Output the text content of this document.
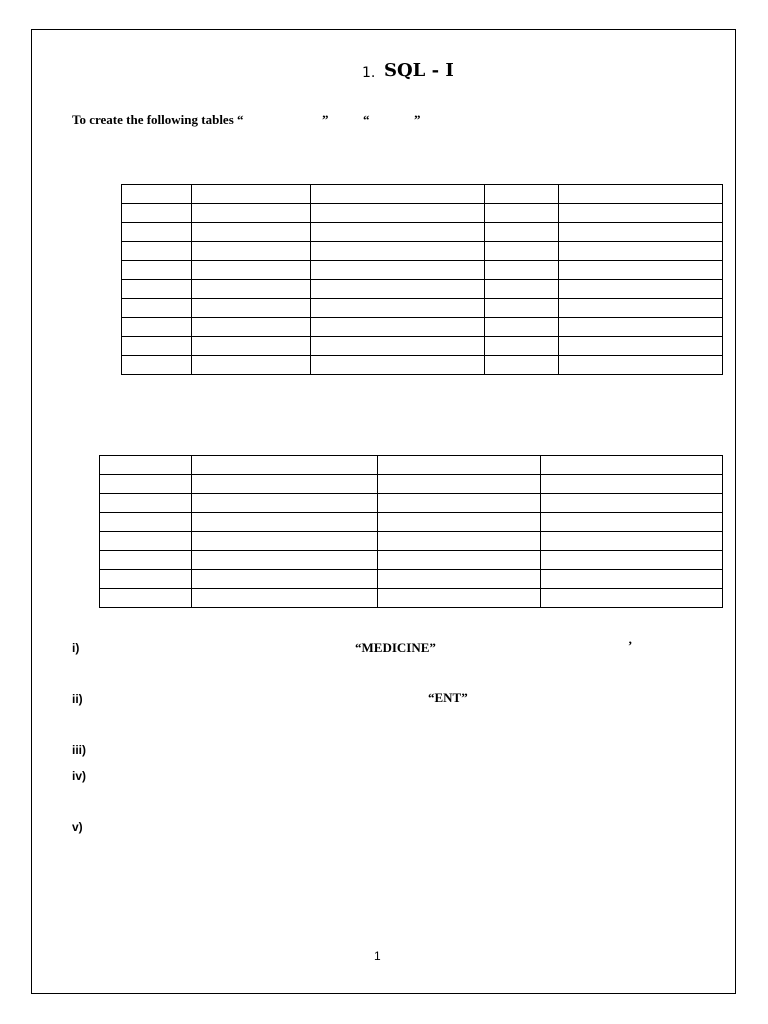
1. SQL - I
To create the following tables “	”	“	”

i)	“MEDICINE”	’
ii)	“ENT”
iii)
iv)
v)
1
